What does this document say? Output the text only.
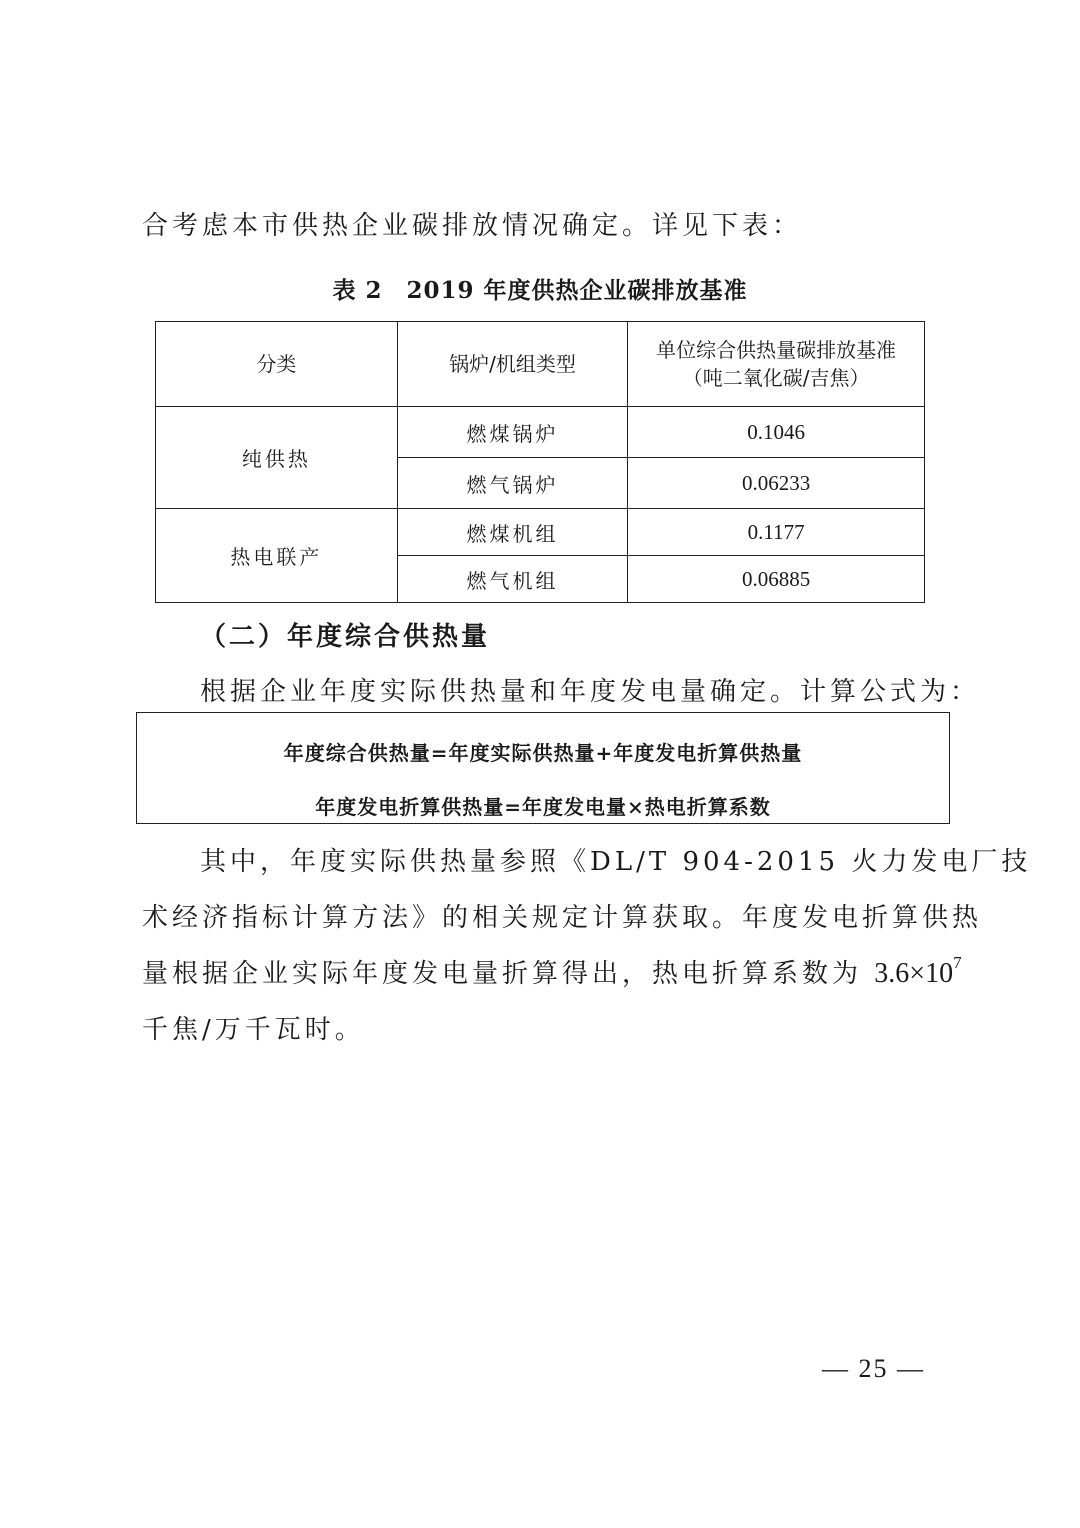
合考虑本市供热企业碳排放情况确定。详见下表：
表 2　2019 年度供热企业碳排放基准
分类	锅炉/机组类型	单位综合供热量碳排放基准
（吨二氧化碳/吉焦）

纯供热	燃煤锅炉	0.1046
	燃气锅炉	0.06233
热电联产	燃煤机组	0.1177
	燃气机组	0.06885
（二）年度综合供热量
根据企业年度实际供热量和年度发电量确定。计算公式为：
年度综合供热量=年度实际供热量+年度发电折算供热量
年度发电折算供热量=年度发电量×热电折算系数
其中，年度实际供热量参照《DL/T 904-2015 火力发电厂技
术经济指标计算方法》的相关规定计算获取。年度发电折算供热
量根据企业实际年度发电量折算得出，热电折算系数为 $3.6\times 10^7$
千焦/万千瓦时。
— 25 —
